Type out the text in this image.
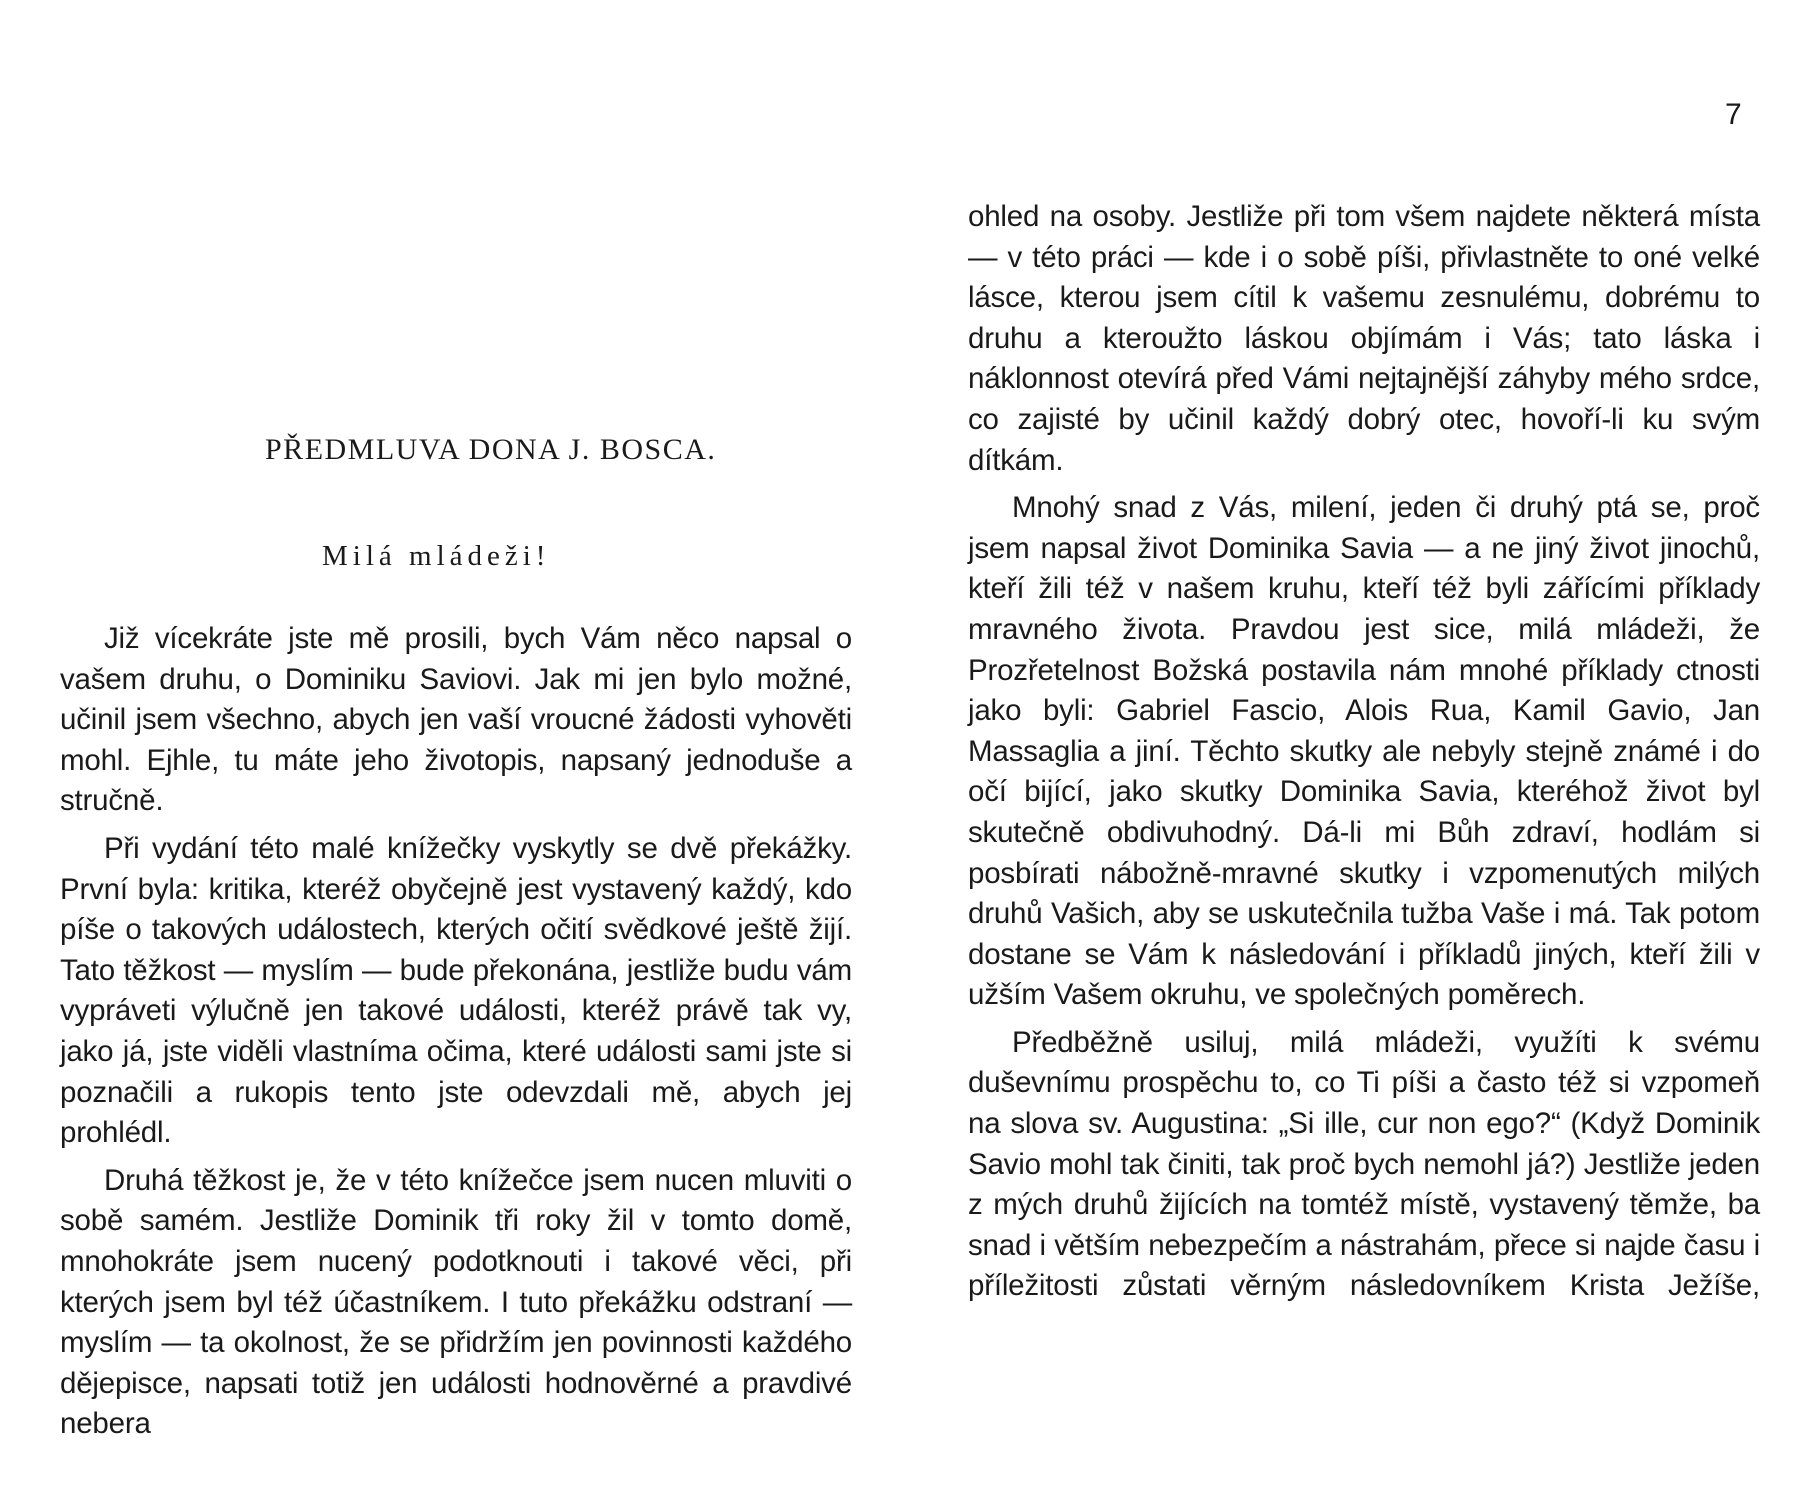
7
PŘEDMLUVA DONA J. BOSCA.
Milá mládeži!

Již vícekráte jste mě prosili, bych Vám něco napsal o vašem druhu, o Dominiku Saviovi. Jak mi jen bylo možné, učinil jsem všechno, abych jen vaší vroucné žádosti vyhověti mohl. Ejhle, tu máte jeho životopis, napsaný jednoduše a stručně.

Při vydání této malé knížečky vyskytly se dvě překážky. První byla: kritika, kteréž obyčejně jest vystavený každý, kdo píše o takových událostech, kterých očití svědkové ještě žijí. Tato těžkost — myslím — bude překonána, jestliže budu vám vypráveti výlučně jen takové události, kteréž právě tak vy, jako já, jste viděli vlastníma očima, které události sami jste si poznačili a rukopis tento jste odevzdali mě, abych jej prohlédl.

Druhá těžkost je, že v této knížečce jsem nucen mluviti o sobě samém. Jestliže Dominik tři roky žil v tomto domě, mnohokráte jsem nucený podotknouti i takové věci, při kterých jsem byl též účastníkem. I tuto překážku odstraní — myslím — ta okolnost, že se přidržím jen povinnosti každého dějepisce, napsati totiž jen události hodnověrné a pravdivé nebera

ohled na osoby. Jestliže při tom všem najdete některá místa — v této práci — kde i o sobě píši, přivlastněte to oné velké lásce, kterou jsem cítil k vašemu zesnulému, dobrému to druhu a kteroužto láskou objímám i Vás; tato láska i náklonnost otevírá před Vámi nejtajnější záhyby mého srdce, co zajisté by učinil každý dobrý otec, hovoří-li ku svým dítkám.

Mnohý snad z Vás, milení, jeden či druhý ptá se, proč jsem napsal život Dominika Savia — a ne jiný život jinochů, kteří žili též v našem kruhu, kteří též byli zářícími příklady mravného života. Pravdou jest sice, milá mládeži, že Prozřetelnost Božská postavila nám mnohé příklady ctnosti jako byli: Gabriel Fascio, Alois Rua, Kamil Gavio, Jan Massaglia a jiní. Těchto skutky ale nebyly stejně známé i do očí bijící, jako skutky Dominika Savia, kteréhož život byl skutečně obdivuhodný. Dá-li mi Bůh zdraví, hodlám si posbírati nábožně-mravné skutky i vzpomenutých milých druhů Vašich, aby se uskutečnila tužba Vaše i má. Tak potom dostane se Vám k následování i příkladů jiných, kteří žili v užším Vašem okruhu, ve společných poměrech.

Předběžně usiluj, milá mládeži, využíti k svému duševnímu prospěchu to, co Ti píši a často též si vzpomeň na slova sv. Augustina: „Si ille, cur non ego?“ (Když Dominik Savio mohl tak činiti, tak proč bych nemohl já?) Jestliže jeden z mých druhů žijících na tomtéž místě, vystavený těmže, ba snad i větším nebezpečím a nástrahám, přece si najde času i příležitosti zůstati věrným následovníkem Krista Ježíše,
